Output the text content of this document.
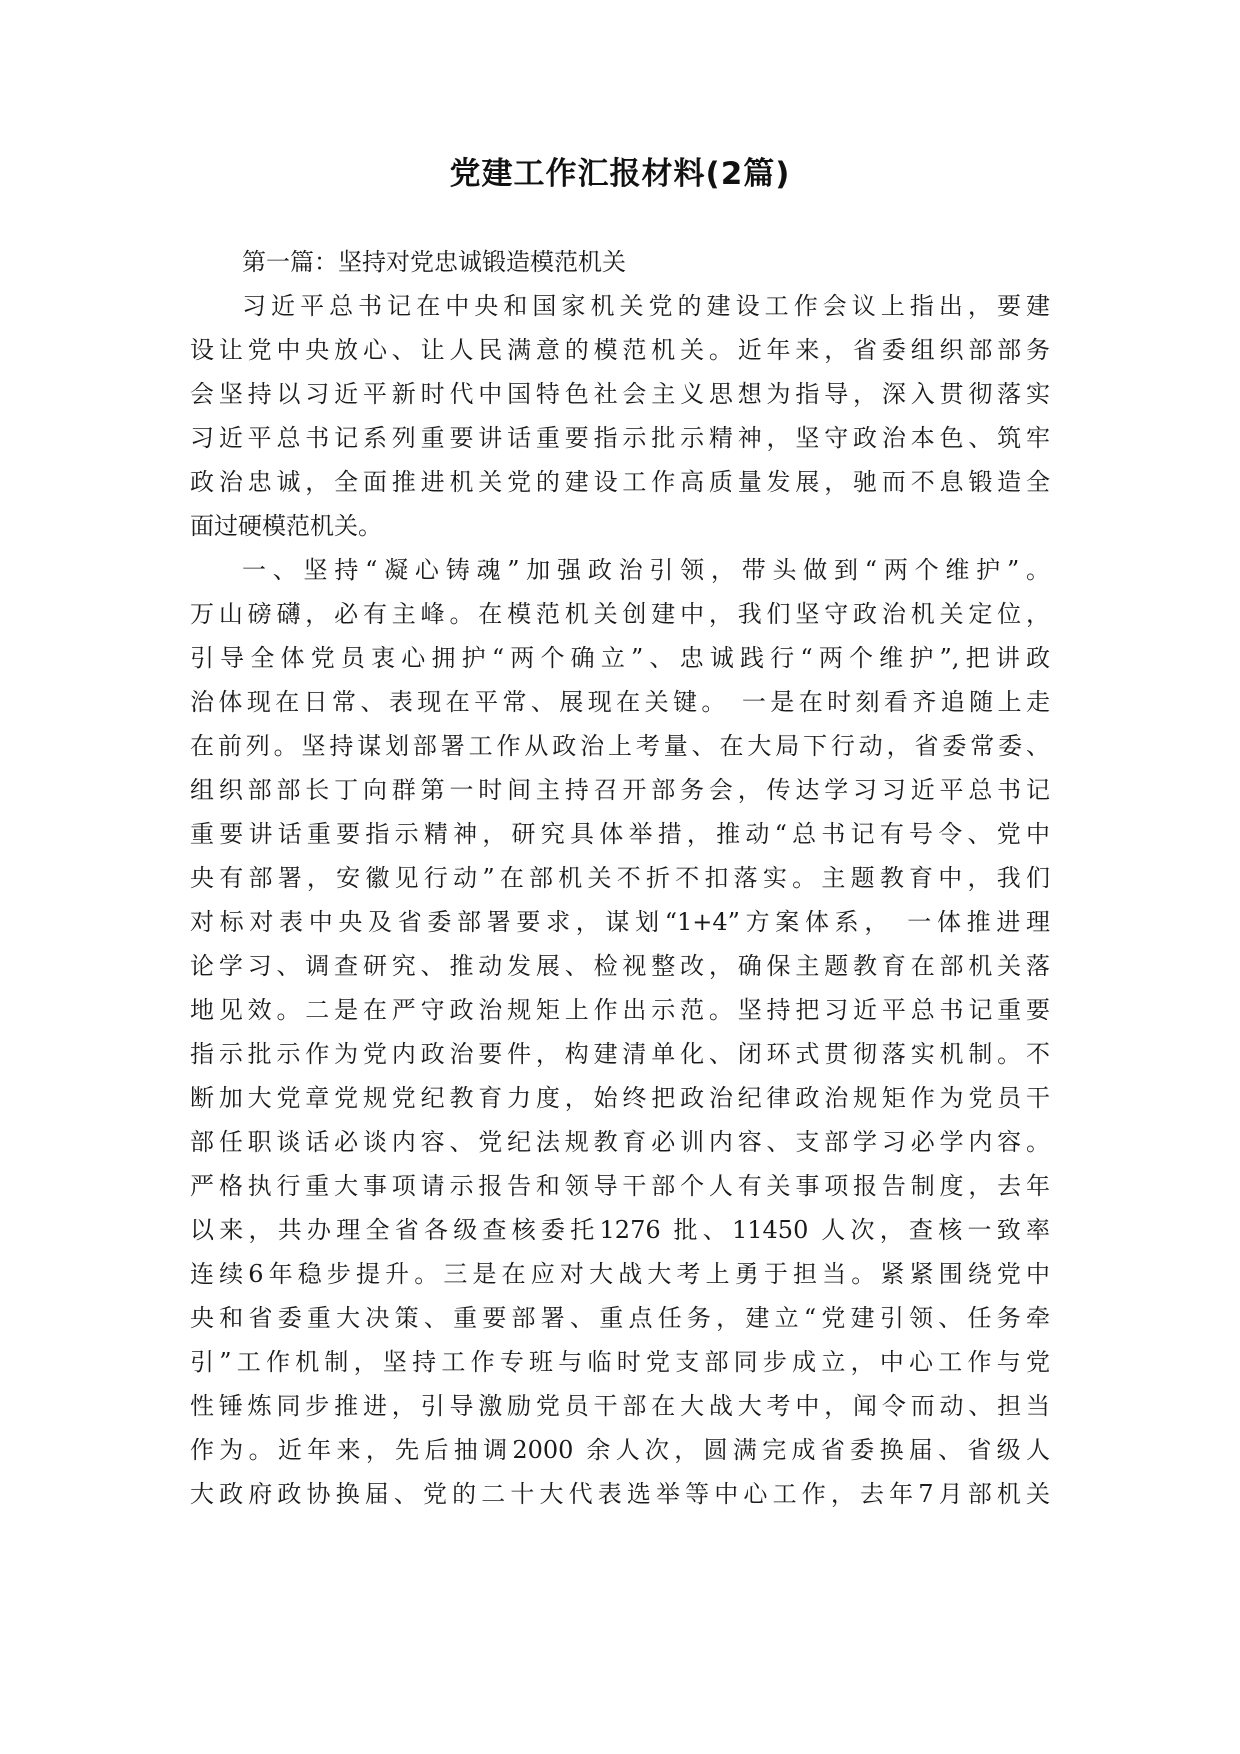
党建工作汇报材料(2篇)
第一篇：坚持对党忠诚锻造模范机关
习近平总书记在中央和国家机关党的建设工作会议上指出，要建
设让党中央放心、让人民满意的模范机关。近年来，省委组织部部务
会坚持以习近平新时代中国特色社会主义思想为指导，深入贯彻落实
习近平总书记系列重要讲话重要指示批示精神，坚守政治本色、筑牢
政治忠诚，全面推进机关党的建设工作高质量发展，驰而不息锻造全
面过硬模范机关。
一、坚持“凝心铸魂”加强政治引领，带头做到“两个维护”。
万山磅礴，必有主峰。在模范机关创建中，我们坚守政治机关定位，
引导全体党员衷心拥护“两个确立”、忠诚践行“两个维护”,把讲政
治体现在日常、表现在平常、展现在关键。 一是在时刻看齐追随上走
在前列。坚持谋划部署工作从政治上考量、在大局下行动，省委常委、
组织部部长丁向群第一时间主持召开部务会，传达学习习近平总书记
重要讲话重要指示精神，研究具体举措，推动“总书记有号令、党中
央有部署，安徽见行动”在部机关不折不扣落实。主题教育中，我们
对标对表中央及省委部署要求，谋划“1+4”方案体系， 一体推进理
论学习、调查研究、推动发展、检视整改，确保主题教育在部机关落
地见效。二是在严守政治规矩上作出示范。坚持把习近平总书记重要
指示批示作为党内政治要件，构建清单化、闭环式贯彻落实机制。不
断加大党章党规党纪教育力度，始终把政治纪律政治规矩作为党员干
部任职谈话必谈内容、党纪法规教育必训内容、支部学习必学内容。
严格执行重大事项请示报告和领导干部个人有关事项报告制度，去年
以来，共办理全省各级查核委托1276 批、11450 人次，查核一致率
连续6年稳步提升。三是在应对大战大考上勇于担当。紧紧围绕党中
央和省委重大决策、重要部署、重点任务，建立“党建引领、任务牵
引”工作机制，坚持工作专班与临时党支部同步成立，中心工作与党
性锤炼同步推进，引导激励党员干部在大战大考中，闻令而动、担当
作为。近年来，先后抽调2000 余人次，圆满完成省委换届、省级人
大政府政协换届、党的二十大代表选举等中心工作，去年7月部机关
